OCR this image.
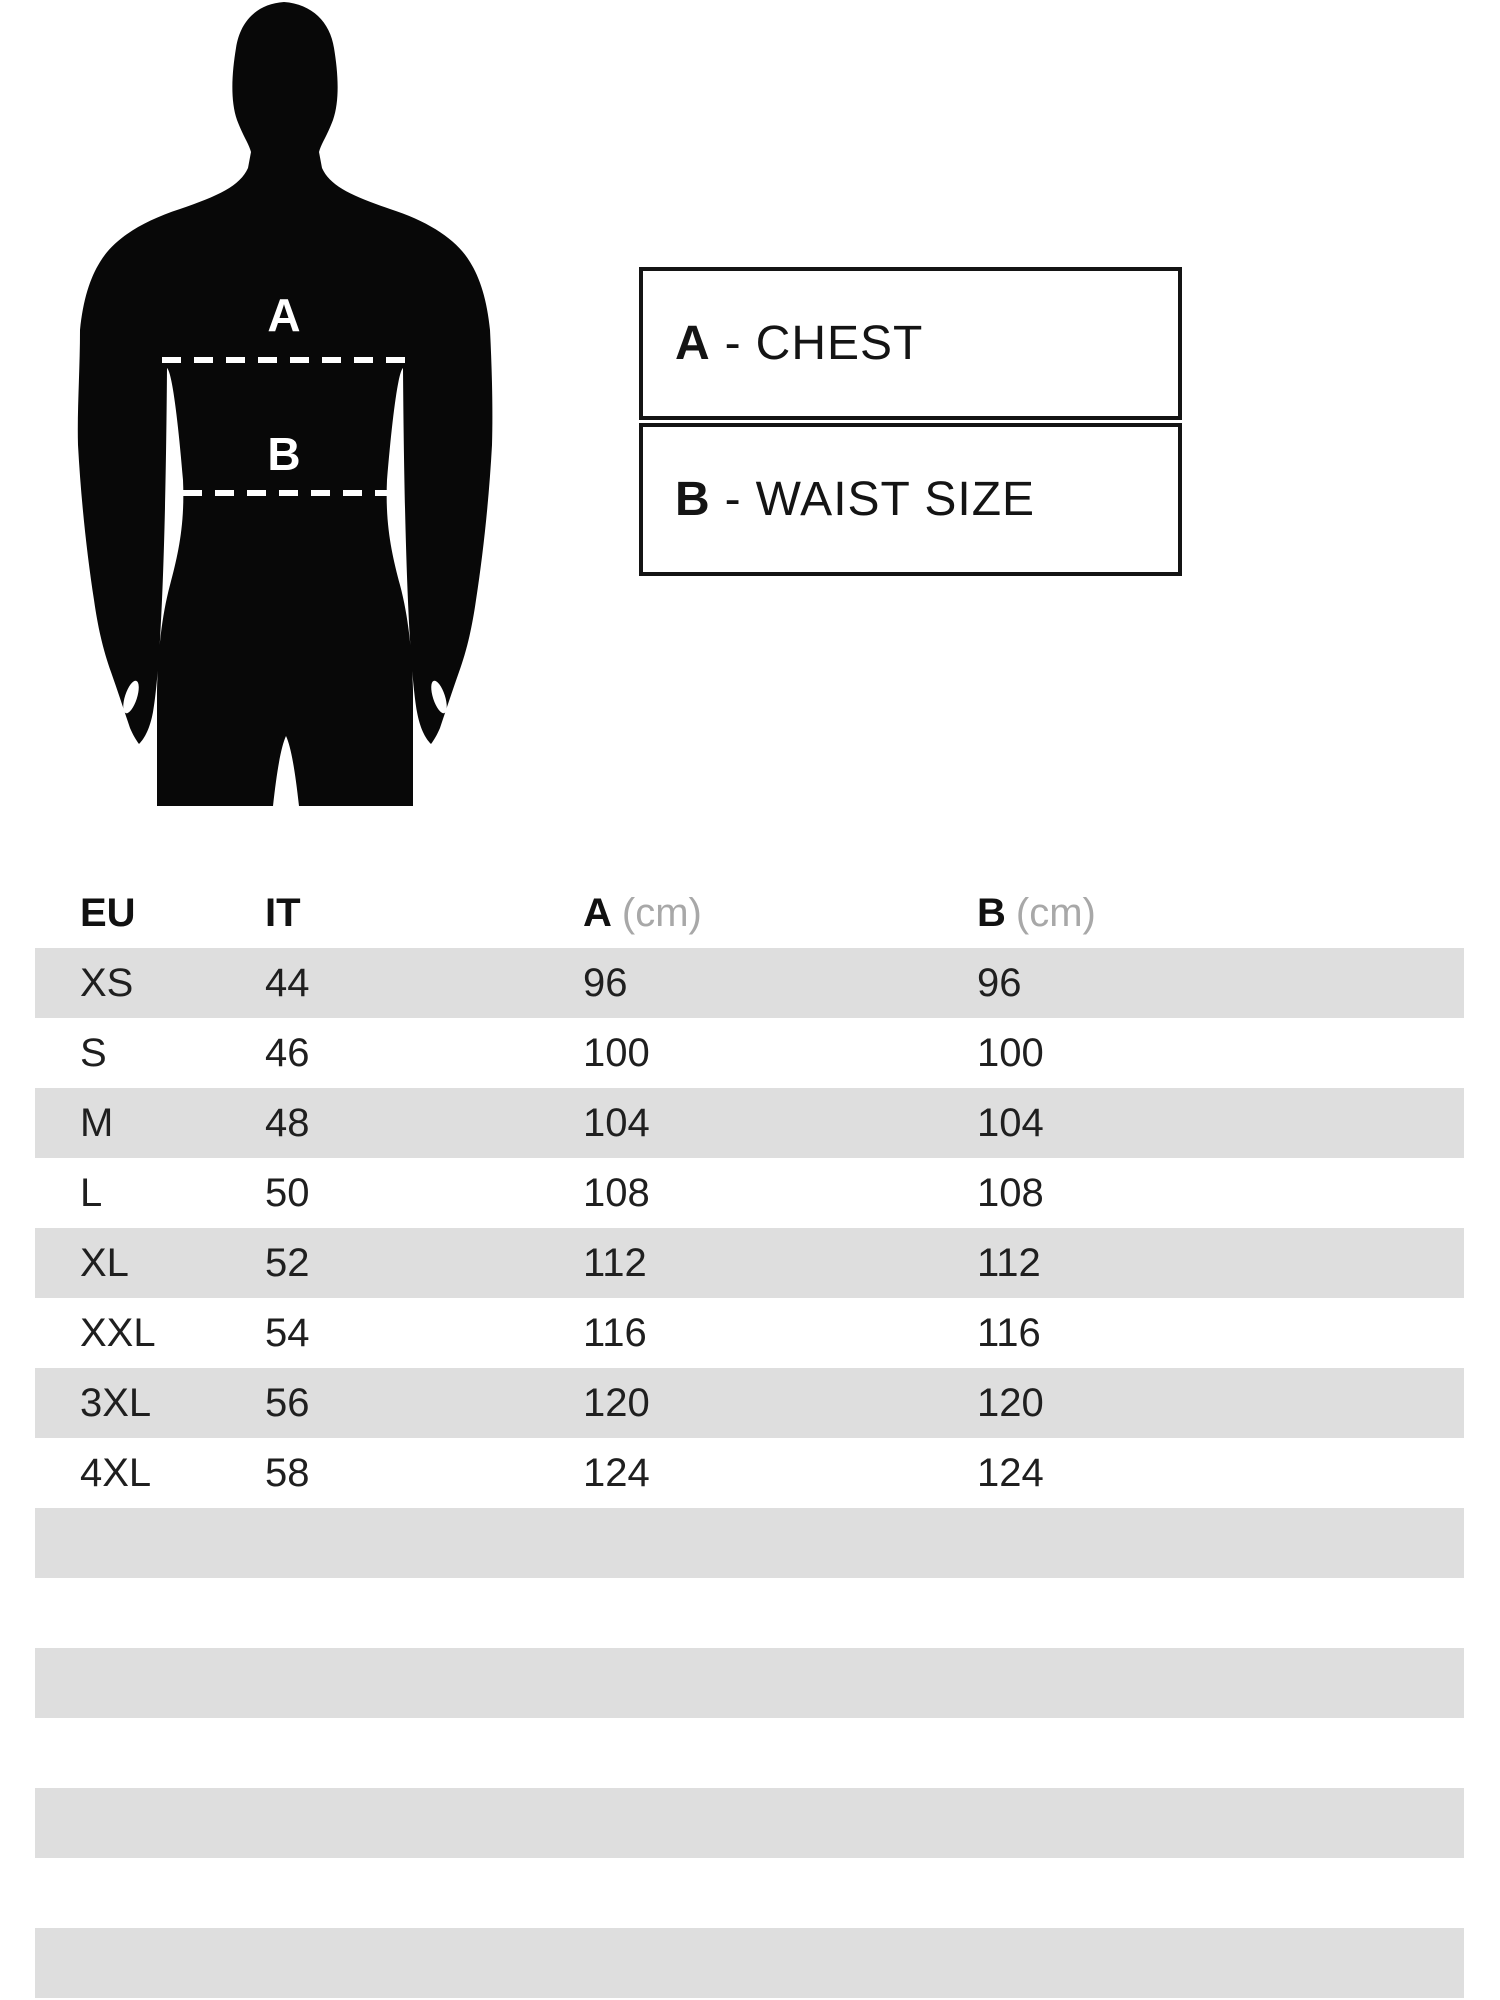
A
B
A - CHEST
B - WAIST SIZE
EU	IT	A (cm)	B (cm)
XS	44	96	96
S	46	100	100
M	48	104	104
L	50	108	108
XL	52	112	112
XXL	54	116	116
3XL	56	120	120
4XL	58	124	124
